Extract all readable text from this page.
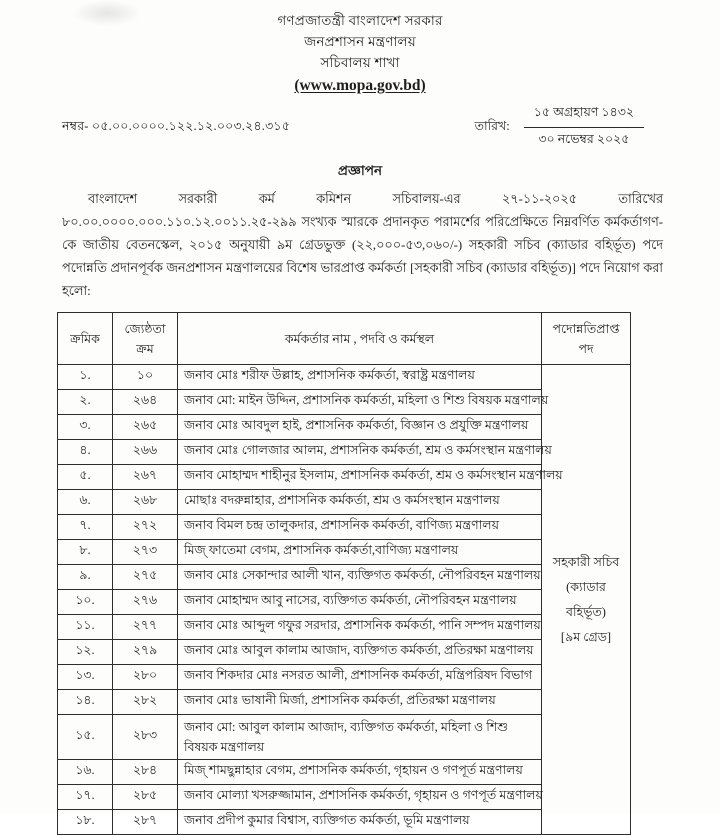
গণপ্রজাতন্ত্রী বাংলাদেশ সরকার
জনপ্রশাসন মন্ত্রণালয়
সচিবালয় শাখা
(www.mopa.gov.bd)
নম্বর- ০৫.০০.০০০০.১২২.১২.০০৩.২৪.৩১৫	তারিখ:
১৫ অগ্রহায়ণ ১৪৩২
৩০ নভেম্বর ২০২৫
প্রজ্ঞাপন

বাংলাদেশ সরকারী কর্ম কমিশন সচিবালয়-এর ২৭-১১-২০২৫ তারিখের ৮০.০০.০০০০.০০০.১১০.১২.০০১১.২৫-২৯৯ সংখ্যক স্মারকে প্রদানকৃত পরামর্শের পরিপ্রেক্ষিতে নিম্নবর্ণিত কর্মকর্তাগণ-কে জাতীয় বেতনস্কেল, ২০১৫ অনুযায়ী ৯ম গ্রেডভুক্ত (২২,০০০-৫৩,০৬০/-) সহকারী সচিব (ক্যাডার বহির্ভূত) পদে পদোন্নতি প্রদানপূর্বক জনপ্রশাসন মন্ত্রণালয়ের বিশেষ ভারপ্রাপ্ত কর্মকর্তা [সহকারী সচিব (ক্যাডার বহির্ভূত)] পদে নিয়োগ করা হলো:

ক্রমিক	জ্যেষ্ঠতা ক্রম	কর্মকর্তার নাম , পদবি ও কর্মস্থল	পদোন্নতিপ্রাপ্ত পদ
১.	১০	জনাব মোঃ শরীফ উল্লাহ, প্রশাসনিক কর্মকর্তা, স্বরাষ্ট্র মন্ত্রণালয়	সহকারী সচিব
(ক্যাডার
বহির্ভূত)
[৯ম গ্রেড]

২.	২৬৪	জনাব মো: মাইন উদ্দিন, প্রশাসনিক কর্মকর্তা, মহিলা ও শিশু বিষয়ক মন্ত্রণালয়	
৩.	২৬৫	জনাব মোঃ আবদুল হাই, প্রশাসনিক কর্মকর্তা, বিজ্ঞান ও প্রযুক্তি মন্ত্রণালয়	
৪.	২৬৬	জনাব মোঃ গোলজার আলম, প্রশাসনিক কর্মকর্তা, শ্রম ও কর্মসংস্থান মন্ত্রণালয়	
৫.	২৬৭	জনাব মোহাম্মদ শাহীনুর ইসলাম, প্রশাসনিক কর্মকর্তা, শ্রম ও কর্মসংস্থান মন্ত্রণালয়	
৬.	২৬৮	মোছাঃ বদরুন্নাহার, প্রশাসনিক কর্মকর্তা, শ্রম ও কর্মসংস্থান মন্ত্রণালয়	
৭.	২৭২	জনাব বিমল চন্দ্র তালুকদার, প্রশাসনিক কর্মকর্তা, বাণিজ্য মন্ত্রণালয়	
৮.	২৭৩	মিজ্ ফাতেমা বেগম, প্রশাসনিক কর্মকর্তা,বাণিজ্য মন্ত্রণালয়	
৯.	২৭৫	জনাব মোঃ সেকান্দার আলী খান, ব্যক্তিগত কর্মকর্তা, নৌপরিবহন মন্ত্রণালয়	
১০.	২৭৬	জনাব মোহাম্মদ আবু নাসের, ব্যক্তিগত কর্মকর্তা, নৌপরিবহন মন্ত্রণালয়	
১১.	২৭৭	জনাব মোঃ আব্দুল গফুর সরদার, প্রশাসনিক কর্মকর্তা, পানি সম্পদ মন্ত্রণালয়	
১২.	২৭৯	জনাব মোঃ আবুল কালাম আজাদ, ব্যক্তিগত কর্মকর্তা, প্রতিরক্ষা মন্ত্রণালয়	
১৩.	২৮০	জনাব শিকদার মোঃ নসরত আলী, প্রশাসনিক কর্মকর্তা, মন্ত্রিপরিষদ বিভাগ	
১৪.	২৮২	জনাব মোঃ ভাষানী মির্জা, প্রশাসনিক কর্মকর্তা, প্রতিরক্ষা মন্ত্রণালয়	
১৫.	২৮৩	জনাব মো: আবুল কালাম আজাদ, ব্যক্তিগত কর্মকর্তা, মহিলা ও শিশু বিষয়ক মন্ত্রণালয়	
১৬.	২৮৪	মিজ্ শামছুন্নাহার বেগম, প্রশাসনিক কর্মকর্তা, গৃহায়ন ও গণপূর্ত মন্ত্রণালয়	
১৭.	২৮৫	জনাব মোল্যা খসরুজ্জামান, প্রশাসনিক কর্মকর্তা, গৃহায়ন ও গণপূর্ত মন্ত্রণালয়	
১৮.	২৮৭	জনাব প্রদীপ কুমার বিশ্বাস, ব্যক্তিগত কর্মকর্তা, ভূমি মন্ত্রণালয়	
